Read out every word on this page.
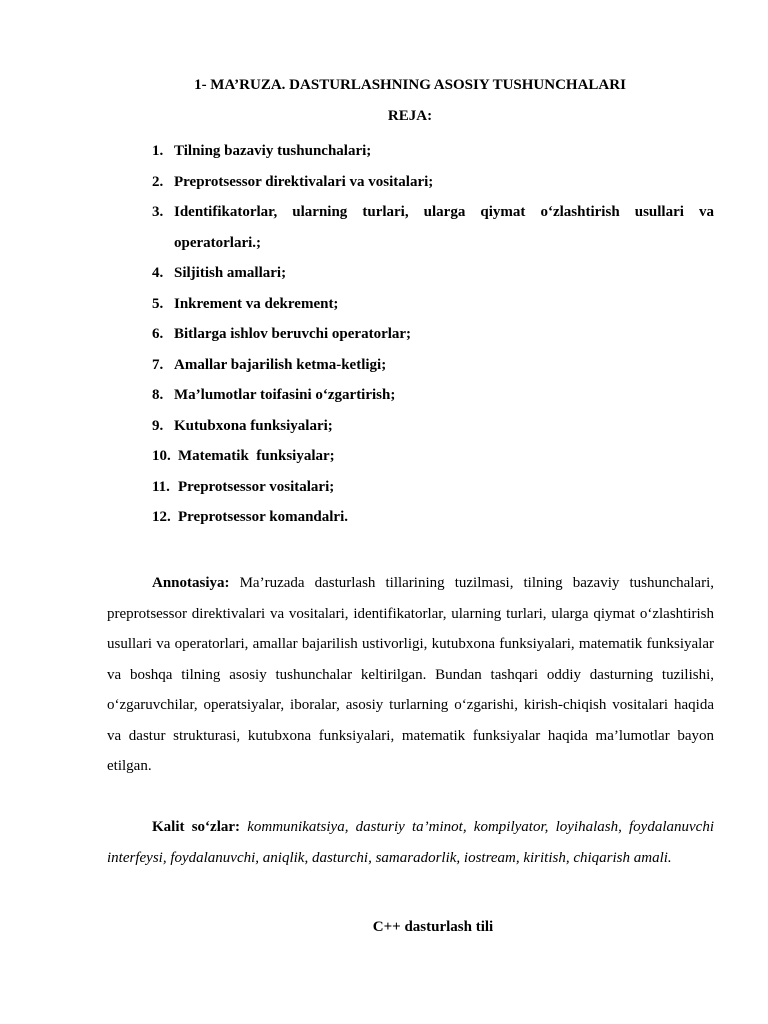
1- MA’RUZA. DASTURLASHNING ASOSIY TUSHUNCHALARI
REJA:
1. Tilning bazaviy tushunchalari;
2. Preprotsessor direktivalari va vositalari;
3. Identifikatorlar, ularning turlari, ularga qiymat o‘zlashtirish usullari va operatorlari.;
4. Siljitish amallari;
5. Inkrement va dekrement;
6. Bitlarga ishlov beruvchi operatorlar;
7. Amallar bajarilish ketma-ketligi;
8. Ma’lumotlar toifasini o‘zgartirish;
9. Kutubxona funksiyalari;
10. Matematik  funksiyalar;
11. Preprotsessor vositalari;
12. Preprotsessor komandalri.

Annotasiya: Ma’ruzada dasturlash tillarining tuzilmasi, tilning bazaviy tushunchalari, preprotsessor direktivalari va vositalari, identifikatorlar, ularning turlari, ularga qiymat o‘zlashtirish usullari va operatorlari, amallar bajarilish ustivorligi, kutubxona funksiyalari, matematik funksiyalar va boshqa tilning asosiy tushunchalar keltirilgan. Bundan tashqari oddiy dasturning tuzilishi, o‘zgaruvchilar, operatsiyalar, iboralar, asosiy turlarning o‘zgarishi, kirish-chiqish vositalari haqida va dastur strukturasi, kutubxona funksiyalari, matematik funksiyalar haqida ma’lumotlar bayon etilgan.

Kalit so‘zlar: kommunikatsiya, dasturiy ta’minot, kompilyator, loyihalash, foydalanuvchi interfeysi, foydalanuvchi, aniqlik, dasturchi, samaradorlik, iostream, kiritish, chiqarish amali.

C++ dasturlash tili
